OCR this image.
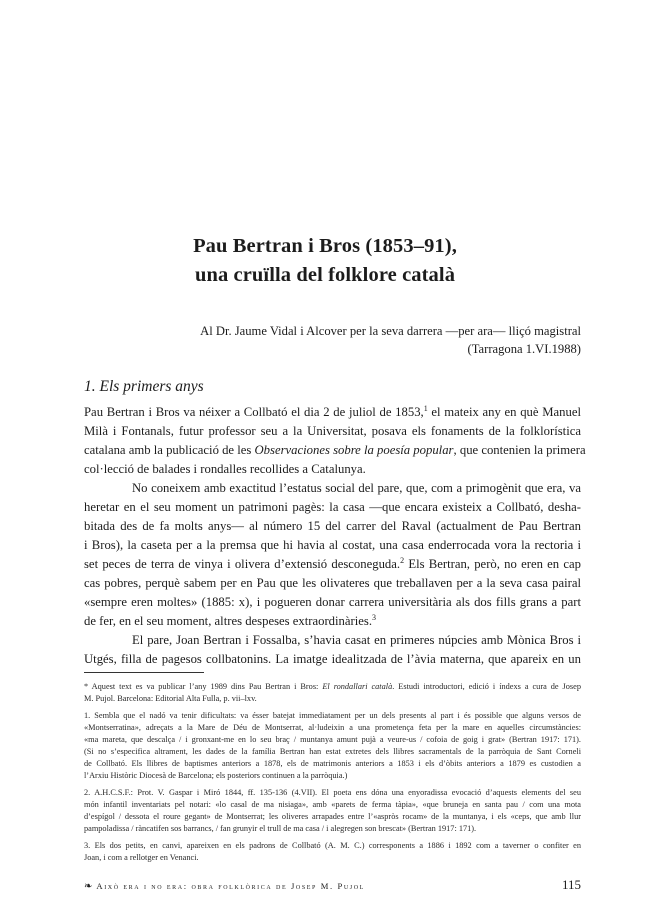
Pau Bertran i Bros (1853–91),
una cruïlla del folklore català
Al Dr. Jaume Vidal i Alcover per la seva darrera —per ara— lliçó magistral
(Tarragona 1.VI.1988)
1. Els primers anys
Pau Bertran i Bros va néixer a Collbató el dia 2 de juliol de 1853,$^1$ el mateix any en què Manuel
Milà i Fontanals, futur professor seu a la Universitat, posava els fonaments de la folklorística
catalana amb la publicació de les Observaciones sobre la poesía popular, que contenien la primera
col·lecció de balades i rondalles recollides a Catalunya.
No coneixem amb exactitud l’estatus social del pare, que, com a primogènit que era, va
heretar en el seu moment un patrimoni pagès: la casa —que encara existeix a Collbató, desha-
bitada des de fa molts anys— al número 15 del carrer del Raval (actualment de Pau Bertran
i Bros), la caseta per a la premsa que hi havia al costat, una casa enderrocada vora la rectoria i
set peces de terra de vinya i olivera d’extensió desconeguda.$^2$ Els Bertran, però, no eren en cap
cas pobres, perquè sabem per en Pau que les olivateres que treballaven per a la seva casa pairal
«sempre eren moltes» (1885: x), i pogueren donar carrera universitària als dos fills grans a part
de fer, en el seu moment, altres despeses extraordinàries.$^3$
El pare, Joan Bertran i Fossalba, s’havia casat en primeres núpcies amb Mònica Bros i
Utgés, filla de pagesos collbatonins. La imatge idealitzada de l’àvia materna, que apareix en un
* Aquest text es va publicar l’any 1989 dins Pau Bertran i Bros: El rondallari català. Estudi introductori, edició i índexs a cura de Josep
M. Pujol. Barcelona: Editorial Alta Fulla, p. vii–lxv.
1. Sembla que el nadó va tenir dificultats: va ésser batejat immediatament per un dels presents al part i és possible que alguns versos de
«Montserratina», adreçats a la Mare de Déu de Montserrat, al·ludeixin a una prometença feta per la mare en aquelles circumstàncies:
«ma mareta, que descalça / i gronxant-me en lo seu braç / muntanya amunt pujà a veure-us / cofoia de goig i grat» (Bertran 1917: 171).
(Si no s’especifica altrament, les dades de la família Bertran han estat extretes dels llibres sacramentals de la parròquia de Sant Corneli
de Collbató. Els llibres de baptismes anteriors a 1878, els de matrimonis anteriors a 1853 i els d’òbits anteriors a 1879 es custodien a
l’Arxiu Històric Diocesà de Barcelona; els posteriors continuen a la parròquia.)
2. A.H.C.S.F.: Prot. V. Gaspar i Miró 1844, ff. 135-136 (4.VII). El poeta ens dóna una enyoradissa evocació d’aquests elements del seu
món infantil inventariats pel notari: «lo casal de ma nisiaga», amb «parets de ferma tàpia», «que bruneja en santa pau / com una mota
d’espígol / dessota el roure gegant» de Montserrat; les oliveres arrapades entre l’«aspròs rocam» de la muntanya, i els «ceps, que amb llur
pampoladissa / ràncatifen sos barrancs, / fan grunyir el trull de ma casa / i alegregen son brescat» (Bertran 1917: 171).
3. Els dos petits, en canvi, apareixen en els padrons de Collbató (A. M. C.) corresponents a 1886 i 1892 com a taverner o confiter en
Joan, i com a rellotger en Venanci.
❧ Això era i no era: obra folklòrica de Josep M. Pujol	115
